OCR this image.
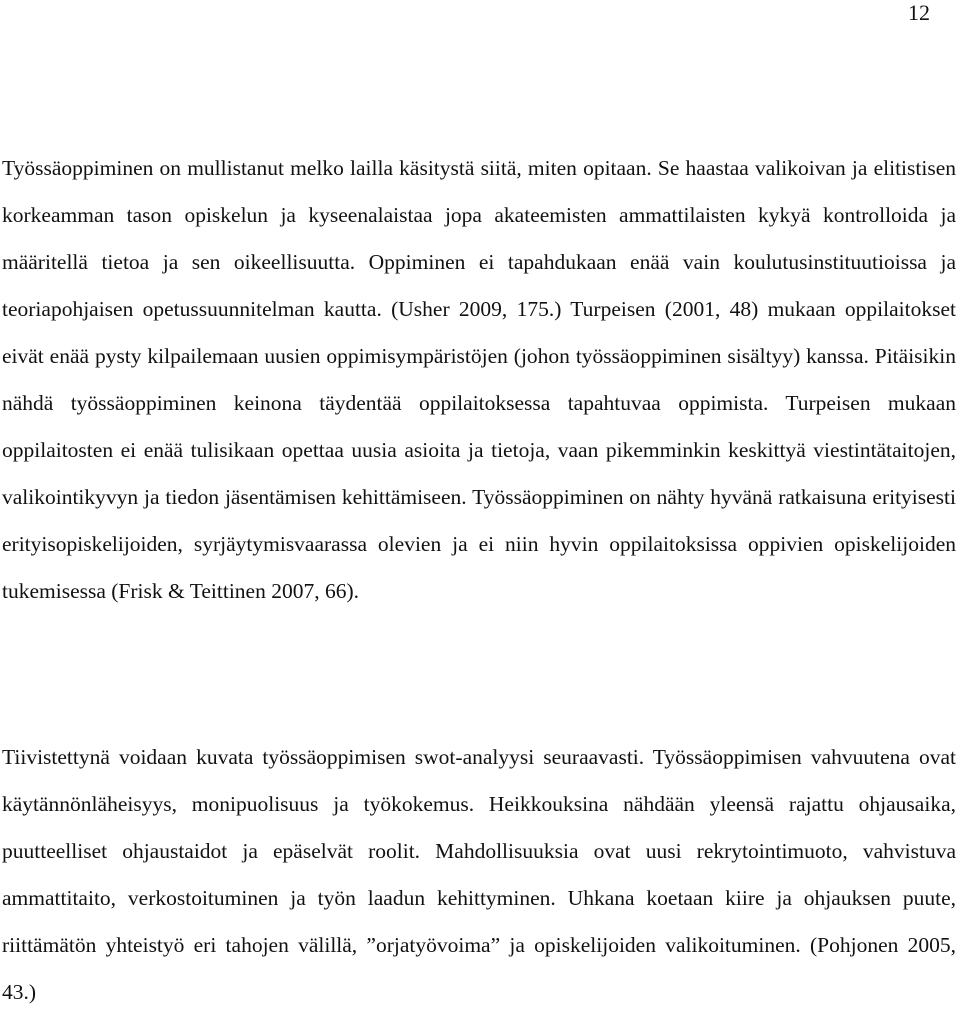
12

Työssäoppiminen on mullistanut melko lailla käsitystä siitä, miten opitaan. Se haastaa valikoivan ja elitistisen korkeamman tason opiskelun ja kyseenalaistaa jopa akateemisten ammattilaisten kykyä kontrolloida ja määritellä tietoa ja sen oikeellisuutta. Oppiminen ei tapahdukaan enää vain koulutusinstituutioissa ja teoriapohjaisen opetussuunnitelman kautta. (Usher 2009, 175.) Turpeisen (2001, 48) mukaan oppilaitokset eivät enää pysty kilpailemaan uusien oppimisympäristöjen (johon työssäoppiminen sisältyy) kanssa. Pitäisikin nähdä työssäoppiminen keinona täydentää oppilaitoksessa tapahtuvaa oppimista. Turpeisen mukaan oppilaitosten ei enää tulisikaan opettaa uusia asioita ja tietoja, vaan pikemminkin keskittyä viestintätaitojen, valikointikyvyn ja tiedon jäsentämisen kehittämiseen. Työssäoppiminen on nähty hyvänä ratkaisuna erityisesti erityisopiskelijoiden, syrjäytymisvaarassa olevien ja ei niin hyvin oppilaitoksissa oppivien opiskelijoiden tukemisessa (Frisk & Teittinen 2007, 66).

Tiivistettynä voidaan kuvata työssäoppimisen swot-analyysi seuraavasti. Työssäoppimisen vahvuutena ovat käytännönläheisyys, monipuolisuus ja työkokemus. Heikkouksina nähdään yleensä rajattu ohjausaika, puutteelliset ohjaustaidot ja epäselvät roolit. Mahdollisuuksia ovat uusi rekrytointimuoto, vahvistuva ammattitaito, verkostoituminen ja työn laadun kehittyminen. Uhkana koetaan kiire ja ohjauksen puute, riittämätön yhteistyö eri tahojen välillä, ”orjatyövoima” ja opiskelijoiden valikoituminen. (Pohjonen 2005, 43.)
